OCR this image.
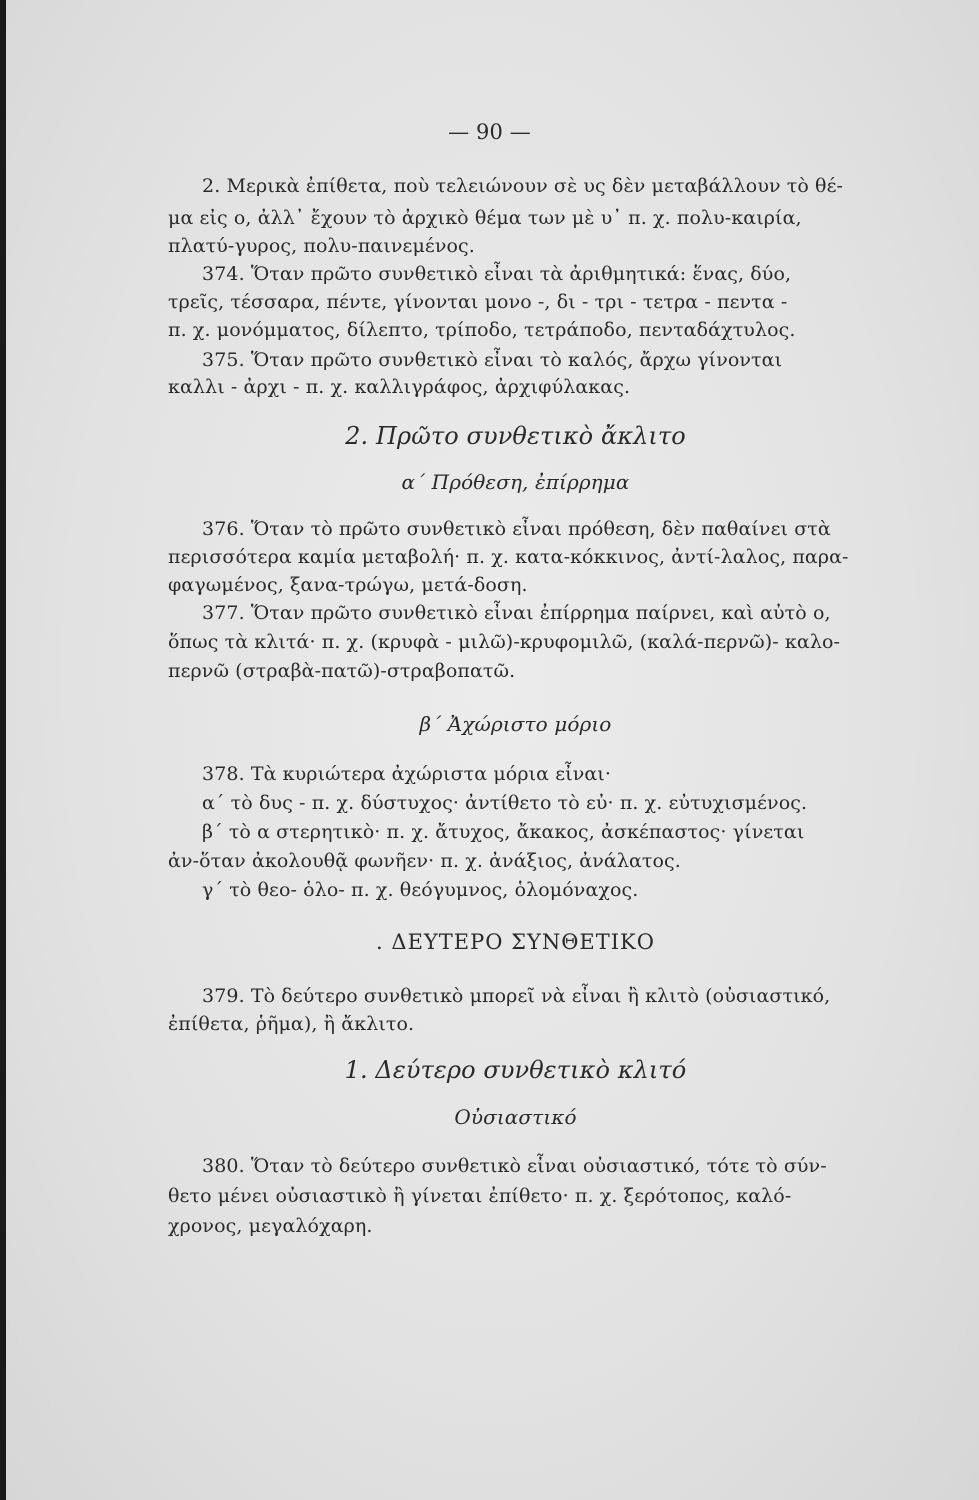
— 90 —
2. Μερικὰ ἐπίθετα, ποὺ τελειώνουν σὲ υς δὲν μεταβάλλουν τὸ θέ-
μα εἰς ο, ἀλλ᾽ ἔχουν τὸ ἀρχικὸ θέμα των μὲ υ᾽ π. χ. πολυ-καιρία,
πλατύ-γυρος, πολυ-παινεμένος.
374. Ὅταν πρῶτο συνθετικὸ εἶναι τὰ ἀριθμητικά: ἕνας, δύο,
τρεῖς, τέσσαρα, πέντε, γίνονται μονο -, δι - τρι - τετρα - πεντα -
π. χ. μονόμματος, δίλεπτο, τρίποδο, τετράποδο, πενταδάχτυλος.
375. Ὅταν πρῶτο συνθετικὸ εἶναι τὸ καλός, ἄρχω γίνονται
καλλι - ἀρχι - π. χ. καλλιγράφος, ἀρχιφύλακας.
2. Πρῶτο συνθετικὸ ἄκλιτο
α΄ Πρόθεση, ἐπίρρημα
376. Ὅταν τὸ πρῶτο συνθετικὸ εἶναι πρόθεση, δὲν παθαίνει στὰ
περισσότερα καμία μεταβολή· π. χ. κατα-κόκκινος, ἀντί-λαλος, παρα-
φαγωμένος, ξανα-τρώγω, μετά-δοση.
377. Ὅταν πρῶτο συνθετικὸ εἶναι ἐπίρρημα παίρνει, καὶ αὐτὸ ο,
ὅπως τὰ κλιτά· π. χ. (κρυφὰ - μιλῶ)-κρυφομιλῶ, (καλά-περνῶ)- καλο-
περνῶ (στραβὰ-πατῶ)-στραβοπατῶ.
β΄ Ἀχώριστο μόριο
378. Τὰ κυριώτερα ἀχώριστα μόρια εἶναι·
α΄ τὸ δυς - π. χ. δύστυχος· ἀντίθετο τὸ εὐ· π. χ. εὐτυχισμένος.
β΄ τὸ α στερητικὸ· π. χ. ἄτυχος, ἄκακος, ἀσκέπαστος· γίνεται
ἀν-ὅταν ἀκολουθᾷ φωνῆεν· π. χ. ἀνάξιος, ἀνάλατος.
γ΄ τὸ θεο- ὁλο- π. χ. θεόγυμνος, ὁλομόναχος.
. ΔΕΥΤΕΡΟ ΣΥΝΘΕΤΙΚΟ
379. Τὸ δεύτερο συνθετικὸ μπορεῖ νὰ εἶναι ἢ κλιτὸ (οὐσιαστικό,
ἐπίθετα, ῥῆμα), ἢ ἄκλιτο.
1. Δεύτερο συνθετικὸ κλιτό
Οὐσιαστικό
380. Ὅταν τὸ δεύτερο συνθετικὸ εἶναι οὐσιαστικό, τότε τὸ σύν-
θετο μένει οὐσιαστικὸ ἢ γίνεται ἐπίθετο· π. χ. ξερότοπος, καλό-
χρονος, μεγαλόχαρη.
